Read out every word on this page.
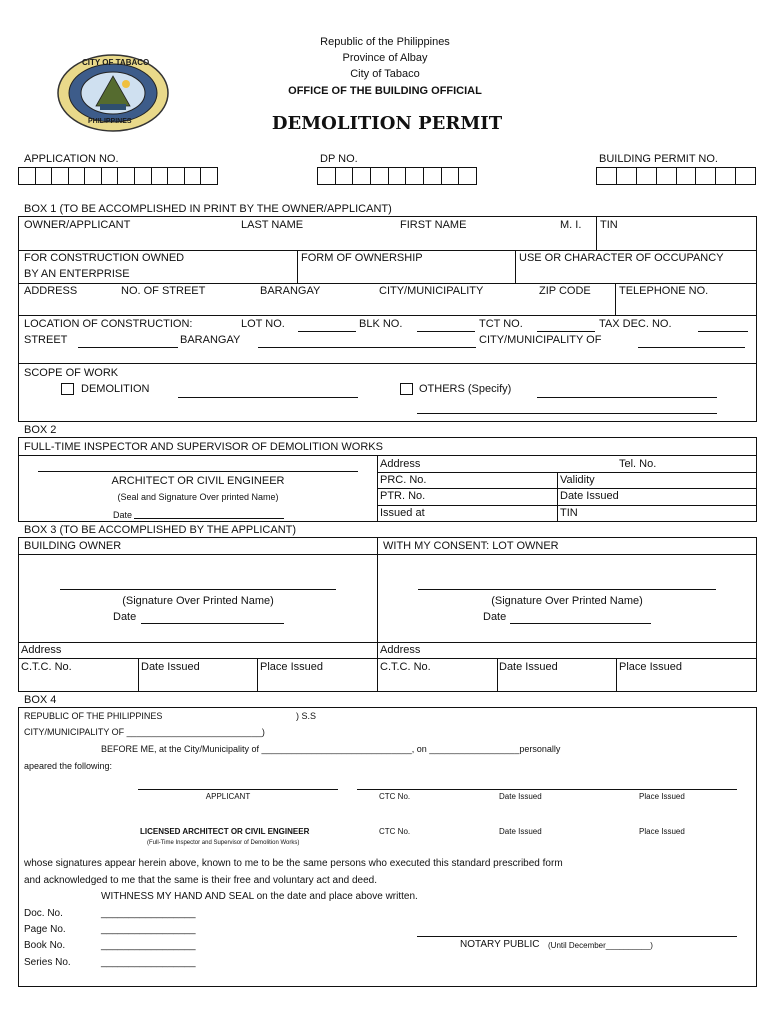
CITY OF TABACO
PHILIPPINES
Republic of the Philippines
Province of Albay
City of Tabaco
OFFICE OF THE BUILDING OFFICIAL
DEMOLITION PERMIT
APPLICATION NO.	DP NO.	BUILDING PERMIT NO.
BOX 1 (TO BE ACCOMPLISHED IN PRINT BY THE OWNER/APPLICANT)
OWNER/APPLICANT	LAST NAME	FIRST NAME	M. I. TIN
FOR CONSTRUCTION OWNED
BY AN ENTERPRISE
FORM OF OWNERSHIP	USE OR CHARACTER OF OCCUPANCY
ADDRESS	NO. OF STREET	BARANGAY	CITY/MUNICIPALITY	ZIP CODE	TELEPHONE NO.
LOCATION OF CONSTRUCTION:	LOT NO.	BLK NO.	TCT NO.	TAX DEC. NO.
STREET	BARANGAY	CITY/MUNICIPALITY OF
SCOPE OF WORK
DEMOLITION	OTHERS (Specify)
BOX 2
FULL-TIME INSPECTOR AND SUPERVISOR OF DEMOLITION WORKS
ARCHITECT OR CIVIL ENGINEER
(Seal and Signature Over printed Name)
Date
Address	Tel. No.
PRC. No.	Validity
PTR. No.	Date Issued
Issued at	TIN
BOX 3 (TO BE ACCOMPLISHED BY THE APPLICANT)
BUILDING OWNER	WITH MY CONSENT: LOT OWNER
(Signature Over Printed Name)
Date
(Signature Over Printed Name)
Date
Address	Address
C.T.C. No.	Date Issued	Place Issued	C.T.C. No.	Date Issued	Place Issued
BOX 4
REPUBLIC OF THE PHILIPPINES	) S.S
CITY/MUNICIPALITY OF ___________________________)
BEFORE ME, at the City/Municipality of ______________________________, on __________________personally
apeared the following:
APPLICANT	CTC No.	Date Issued	Place Issued
LICENSED ARCHITECT OR CIVIL ENGINEER
(Full-Time Inspector and Supervisor of Demolition Works)
CTC No.	Date Issued	Place Issued
whose signatures appear herein above, known to me to be the same persons who executed this standard prescribed form
and acknowledged to me that the same is their free and voluntary act and deed.
WITHNESS MY HAND AND SEAL on the date and place above written.
Doc. No.	_________________
Page No.	_________________
Book No.	_________________
Series No.	_________________
NOTARY PUBLIC (Until December__________)
